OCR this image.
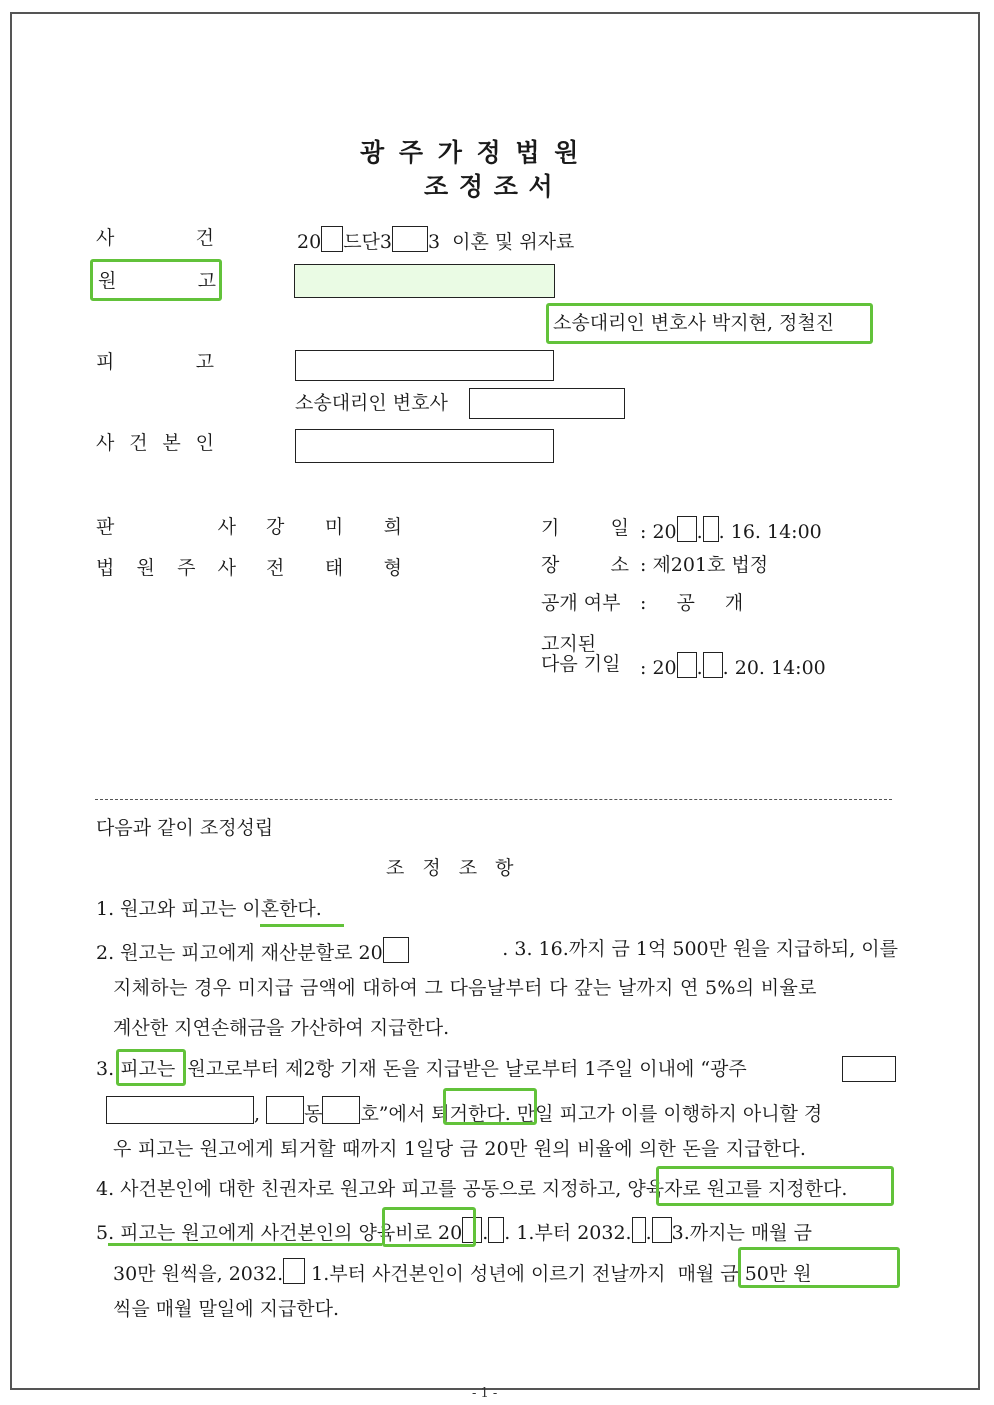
광 주 가 정 법 원
조 정 조 서
사	건	20 드단3 3 이혼 및 위자료
원	고
소송대리인 변호사 박지현, 정철진
피	고
소송대리인 변호사
사 건 본 인
판	사 강 미 희
법 원 주 사 전 태 형
기	일 : 20 . . 16. 14:00
장	소 : 제201호 법정
공개 여부 : 공 개
고지된
다음 기일 : 20 . . 20. 14:00
다음과 같이 조정성립
조 정 조 항
1. 원고와 피고는 이혼한다.
2. 원고는 피고에게 재산분할로 20	. 3. 16.까지 금 1억 500만 원을 지급하되, 이를
지체하는 경우 미지급 금액에 대하여 그 다음날부터 다 갚는 날까지 연 5%의 비율로
계산한 지연손해금을 가산하여 지급한다.
3. 피고는 원고로부터 제2항 기재 돈을 지급받은 날로부터 1주일 이내에 “광주
, 동 호”에서 퇴거한다. 만일 피고가 이를 이행하지 아니할 경
우 피고는 원고에게 퇴거할 때까지 1일당 금 20만 원의 비율에 의한 돈을 지급한다.
4. 사건본인에 대한 친권자로 원고와 피고를 공동으로 지정하고, 양육자로 원고를 지정한다.
5. 피고는 원고에게 사건본인의 양육비로 20 . . 1.부터 2032. . 3.까지는 매월 금
30만 원씩을, 2032. 1.부터 사건본인이 성년에 이르기 전날까지 매월 금 50만 원
씩을 매월 말일에 지급한다.
- 1 -
